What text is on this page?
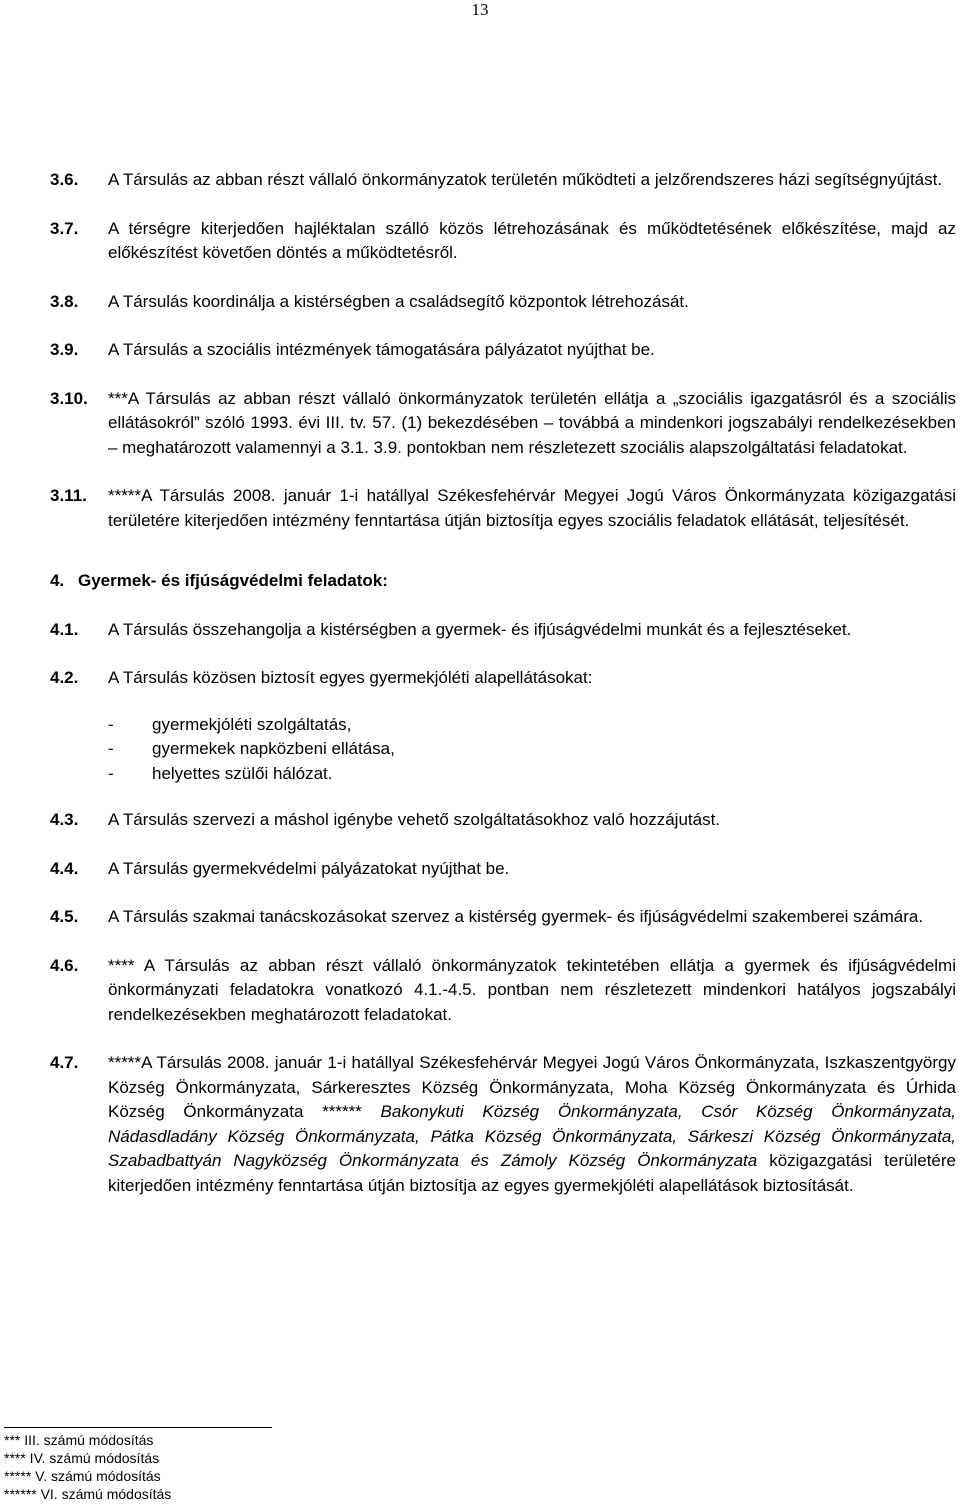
13
3.6.	A Társulás az abban részt vállaló önkormányzatok területén működteti a jelzőrendszeres házi segítségnyújtást.
3.7.	A térségre kiterjedően hajléktalan szálló közös létrehozásának és működtetésének előkészítése, majd az előkészítést követően döntés a működtetésről.
3.8.	A Társulás koordinálja a kistérségben a családsegítő központok létrehozását.
3.9.	A Társulás a szociális intézmények támogatására pályázatot nyújthat be.
3.10.	***A Társulás az abban részt vállaló önkormányzatok területén ellátja a „szociális igazgatásról és a szociális ellátásokról” szóló 1993. évi III. tv. 57. (1) bekezdésében – továbbá a mindenkori jogszabályi rendelkezésekben – meghatározott valamennyi a 3.1. 3.9. pontokban nem részletezett szociális alapszolgáltatási feladatokat.
3.11.	*****A Társulás 2008. január 1-i hatállyal Székesfehérvár Megyei Jogú Város Önkormányzata közigazgatási területére kiterjedően intézmény fenntartása útján biztosítja egyes szociális feladatok ellátását, teljesítését.
4. Gyermek- és ifjúságvédelmi feladatok:
4.1.	A Társulás összehangolja a kistérségben a gyermek- és ifjúságvédelmi munkát és a fejlesztéseket.
4.2.	A Társulás közösen biztosít egyes gyermekjóléti alapellátásokat:
-	gyermekjóléti szolgáltatás,
-	gyermekek napközbeni ellátása,
-	helyettes szülői hálózat.
4.3.	A Társulás szervezi a máshol igénybe vehető szolgáltatásokhoz való hozzájutást.
4.4.	A Társulás gyermekvédelmi pályázatokat nyújthat be.
4.5.	A Társulás szakmai tanácskozásokat szervez a kistérség gyermek- és ifjúságvédelmi szakemberei számára.
4.6.	**** A Társulás az abban részt vállaló önkormányzatok tekintetében ellátja a gyermek és ifjúságvédelmi önkormányzati feladatokra vonatkozó 4.1.-4.5. pontban nem részletezett mindenkori hatályos jogszabályi rendelkezésekben meghatározott feladatokat.
4.7.	*****A Társulás 2008. január 1-i hatállyal Székesfehérvár Megyei Jogú Város Önkormányzata, Iszkaszentgyörgy Község Önkormányzata, Sárkeresztes Község Önkormányzata, Moha Község Önkormányzata és Úrhida Község Önkormányzata ****** Bakonykuti Község Önkormányzata, Csór Község Önkormányzata, Nádasdladány Község Önkormányzata, Pátka Község Önkormányzata, Sárkeszi Község Önkormányzata, Szabadbattyán Nagyközség Önkormányzata és Zámoly Község Önkormányzata közigazgatási területére kiterjedően intézmény fenntartása útján biztosítja az egyes gyermekjóléti alapellátások biztosítását.
*** III. számú módosítás
**** IV. számú módosítás
***** V. számú módosítás
****** VI. számú módosítás
